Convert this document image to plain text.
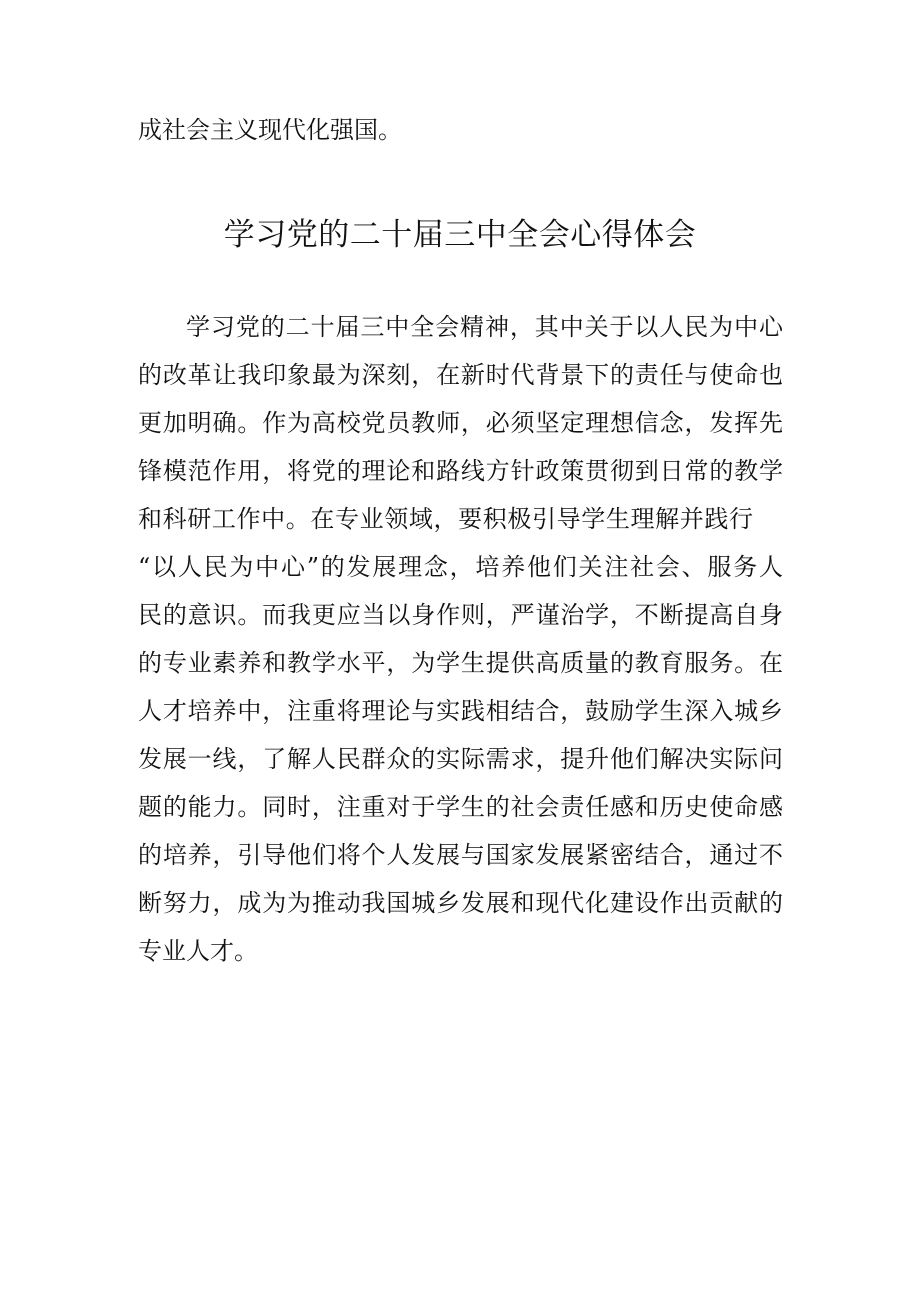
成社会主义现代化强国。
学习党的二十届三中全会心得体会
学习党的二十届三中全会精神，其中关于以人民为中心
的改革让我印象最为深刻，在新时代背景下的责任与使命也
更加明确。作为高校党员教师，必须坚定理想信念，发挥先
锋模范作用，将党的理论和路线方针政策贯彻到日常的教学
和科研工作中。在专业领域，要积极引导学生理解并践行
“以人民为中心”的发展理念，培养他们关注社会、服务人
民的意识。而我更应当以身作则，严谨治学，不断提高自身
的专业素养和教学水平，为学生提供高质量的教育服务。在
人才培养中，注重将理论与实践相结合，鼓励学生深入城乡
发展一线，了解人民群众的实际需求，提升他们解决实际问
题的能力。同时，注重对于学生的社会责任感和历史使命感
的培养，引导他们将个人发展与国家发展紧密结合，通过不
断努力，成为为推动我国城乡发展和现代化建设作出贡献的
专业人才。
